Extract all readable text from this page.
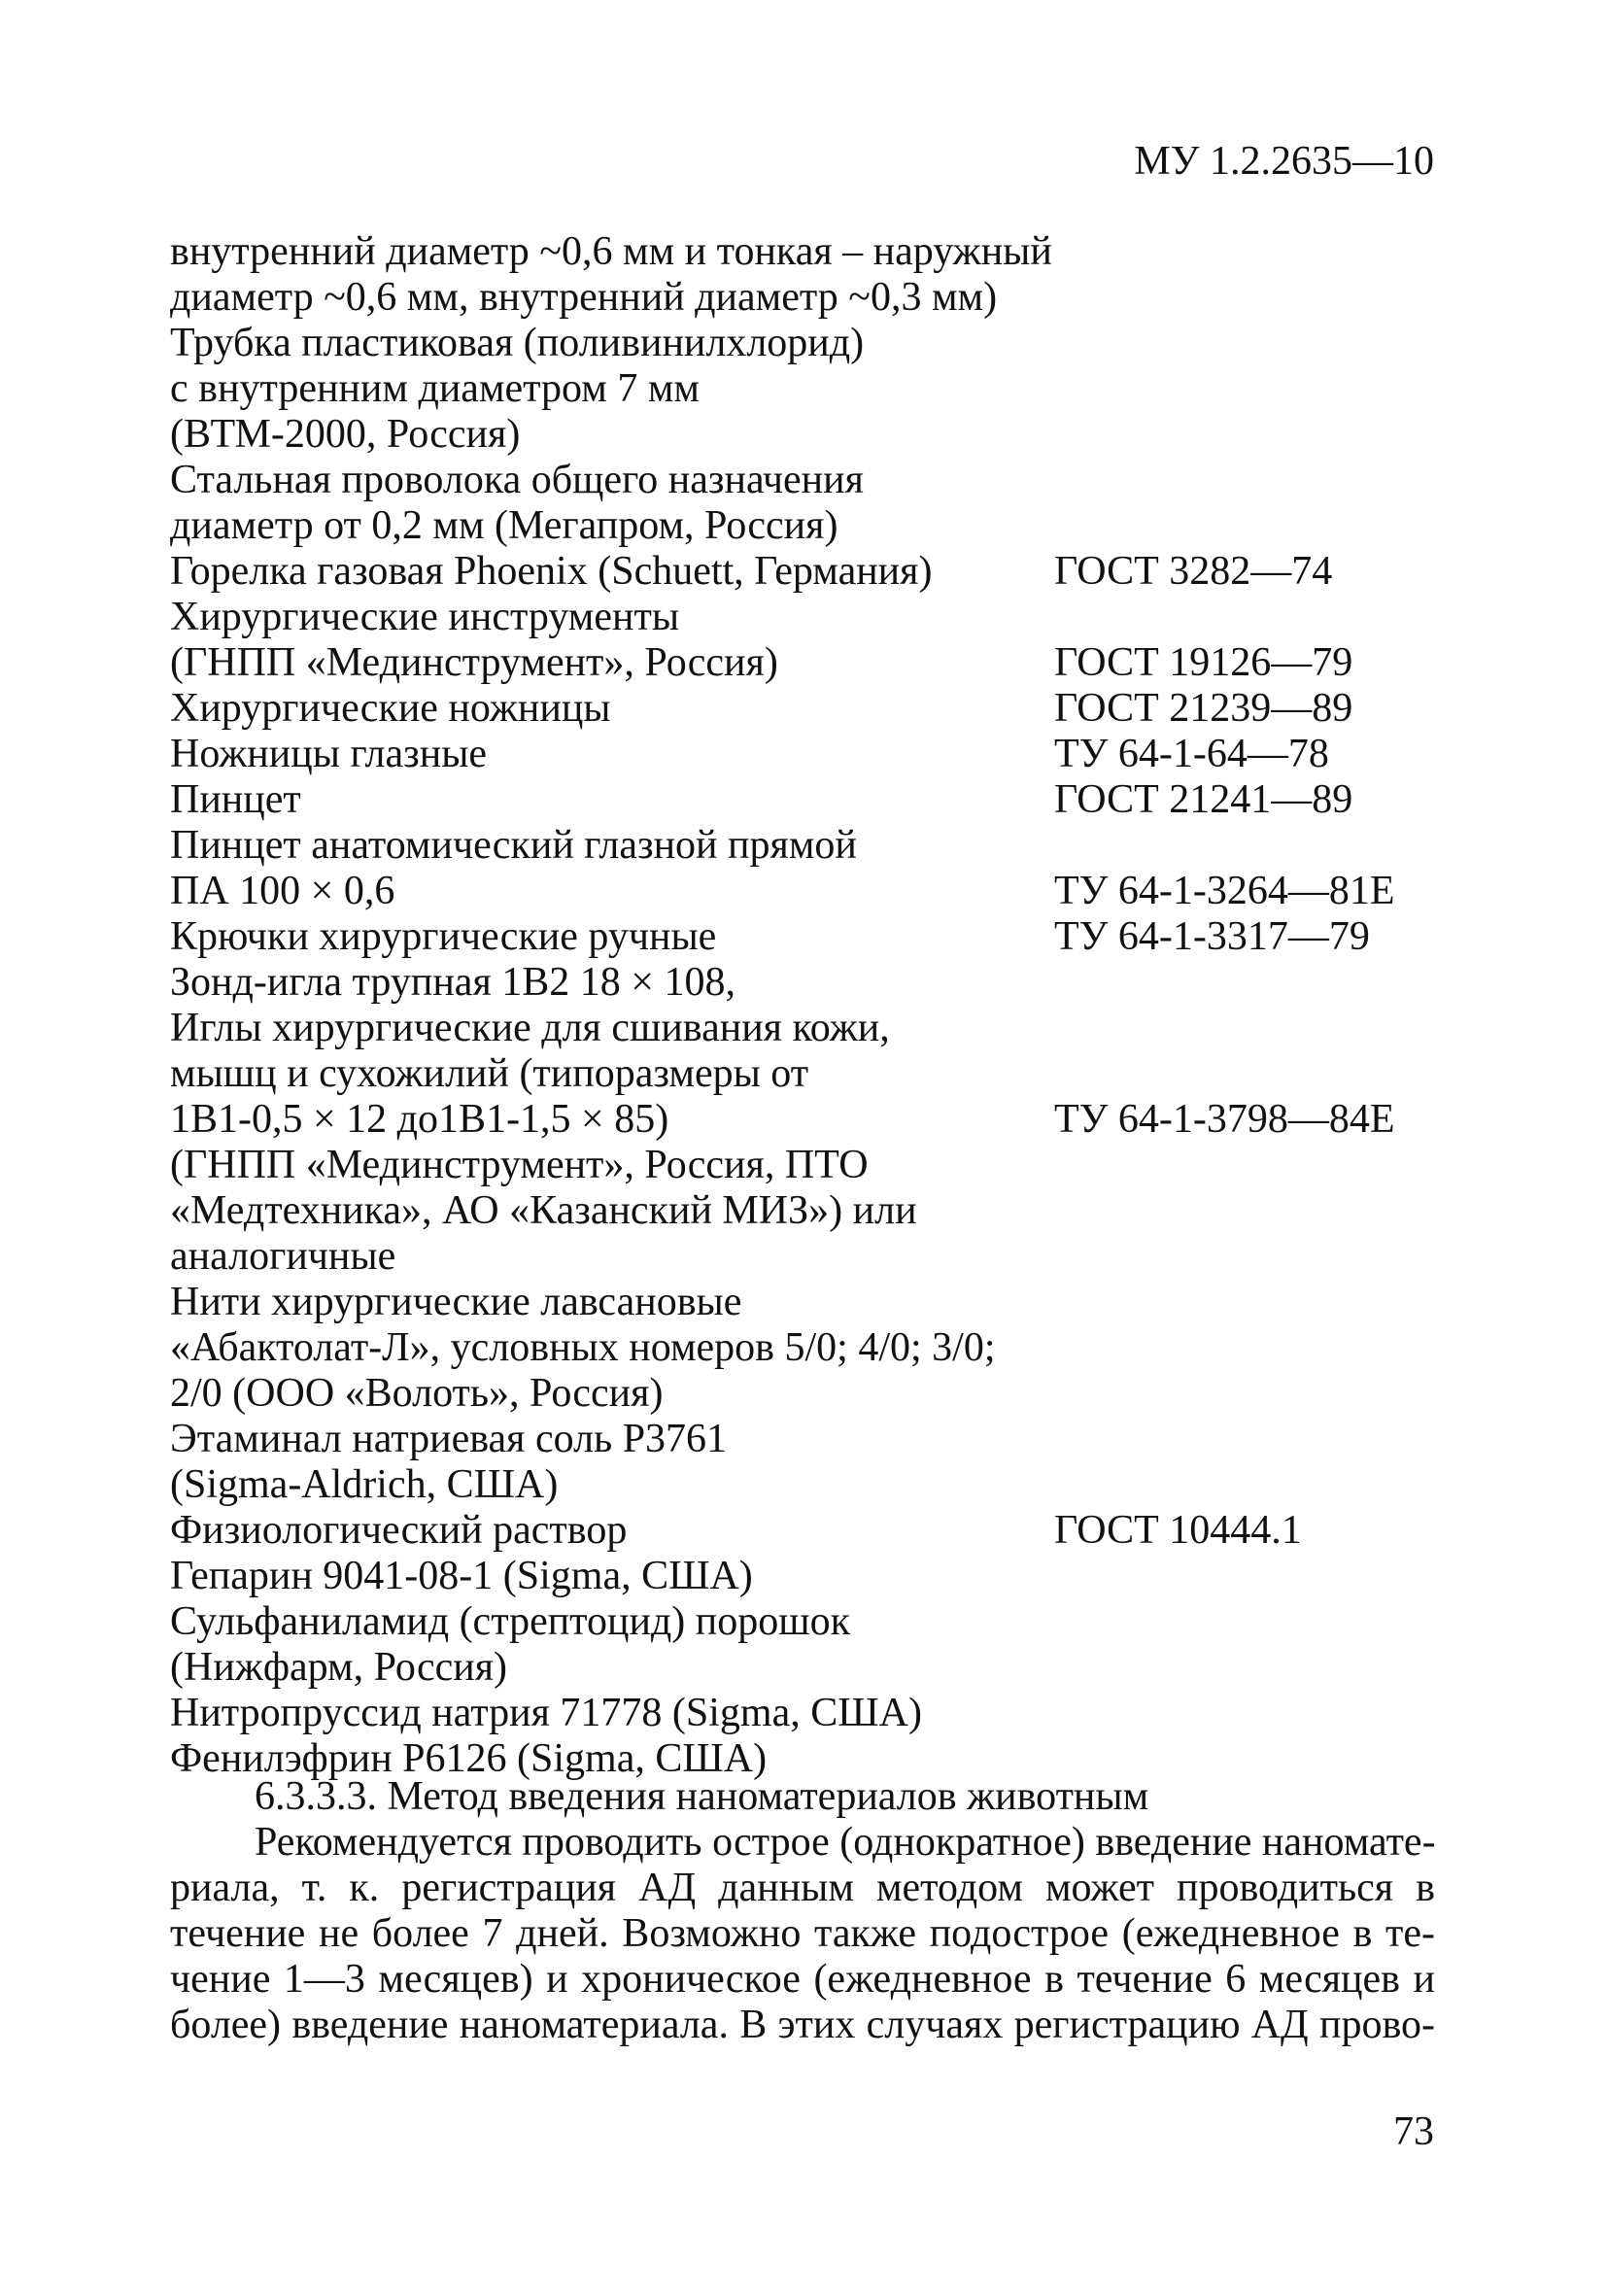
МУ 1.2.2635—10
внутренний диаметр ~0,6 мм и тонкая – наружный
диаметр ~0,6 мм, внутренний диаметр ~0,3 мм)
Трубка пластиковая (поливинилхлорид)
с внутренним диаметром 7 мм
(ВТМ-2000, Россия)
Стальная проволока общего назначения
диаметр от 0,2 мм (Мегапром, Россия)
Горелка газовая Phoenix (Schuett, Германия)	ГОСТ 3282—74
Хирургические инструменты
(ГНПП «Мединструмент», Россия)	ГОСТ 19126—79
Хирургические ножницы	ГОСТ 21239—89
Ножницы глазные	ТУ 64-1-64—78
Пинцет	ГОСТ 21241—89
Пинцет анатомический глазной прямой
ПА 100 × 0,6	ТУ 64-1-3264—81Е
Крючки хирургические ручные	ТУ 64-1-3317—79
Зонд-игла трупная 1В2 18 × 108,
Иглы хирургические для сшивания кожи,
мышц и сухожилий (типоразмеры от
1В1-0,5 × 12 до1В1-1,5 × 85)	ТУ 64-1-3798—84Е
(ГНПП «Мединструмент», Россия, ПТО
«Медтехника», АО «Казанский МИЗ») или
аналогичные
Нити хирургические лавсановые
«Абактолат-Л», условных номеров 5/0; 4/0; 3/0;
2/0 (ООО «Волоть», Россия)
Этаминал натриевая соль Р3761
(Sigma-Aldrich, США)
Физиологический раствор	ГОСТ 10444.1
Гепарин 9041-08-1 (Sigma, США)
Сульфаниламид (стрептоцид) порошок
(Нижфарм, Россия)
Нитропруссид натрия 71778 (Sigma, США)
Фенилэфрин Р6126 (Sigma, США)
6.3.3.3. Метод введения наноматериалов животным
Рекомендуется проводить острое (однократное) введение наномате-
риала, т. к. регистрация АД данным методом может проводиться в
течение не более 7 дней. Возможно также подострое (ежедневное в те-
чение 1—3 месяцев) и хроническое (ежедневное в течение 6 месяцев и
более) введение наноматериала. В этих случаях регистрацию АД прово-
73
